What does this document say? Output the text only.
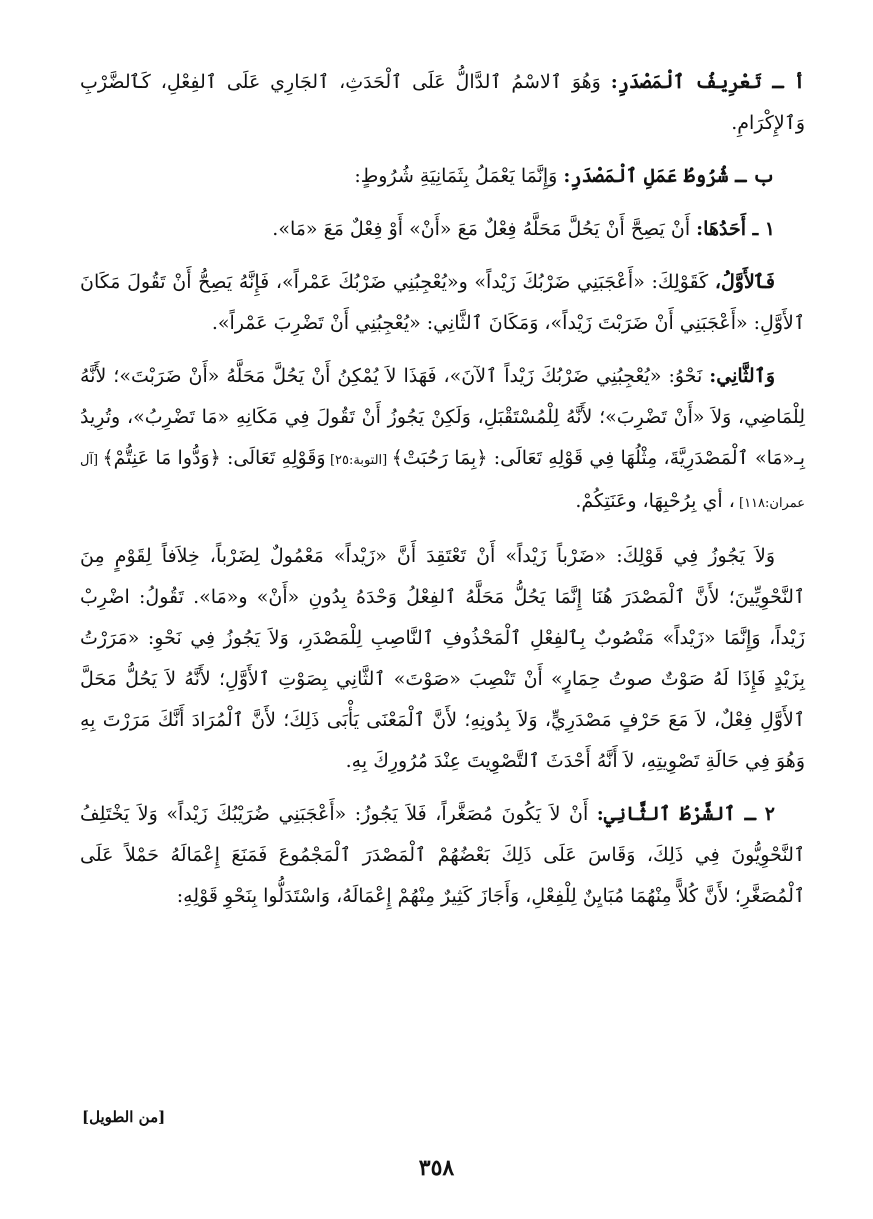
أ ـ تَعْرِيفُ ٱلْمَصْدَرِ: وَهُوَ ٱلاسْمُ ٱلدَّالُّ عَلَى ٱلْحَدَثِ، ٱلجَارِي عَلَى ٱلفِعْلِ، كَٱلضَّرْبِ وَٱلإِكْرَامِ.

ب ـ شُرُوطُ عَمَلِ ٱلْمَصْدَرِ: وَإِنَّمَا يَعْمَلُ بِثَمَانِيَةِ شُرُوطٍ:

١ ـ أَحَدُهَا: أَنْ يَصِحَّ أَنْ يَحُلَّ مَحَلَّهُ فِعْلٌ مَعَ «أَنْ» أَوْ فِعْلٌ مَعَ «مَا».

فَٱلأَوَّلُ، كَقَوْلِكَ: «أَعْجَبَنِي ضَرْبُكَ زَيْداً» و«يُعْجِبُنِي ضَرْبُكَ عَمْراً»، فَإِنَّهُ يَصِحُّ أَنْ تَقُولَ مَكَانَ ٱلأَوَّلِ: «أَعْجَبَنِي أَنْ ضَرَبْتَ زَيْداً»، وَمَكَانَ ٱلثَّانِي: «يُعْجِبُنِي أَنْ تَضْرِبَ عَمْراً».

وَٱلثَّانِي: نَحْوُ: «يُعْجِبُنِي ضَرْبُكَ زَيْداً ٱلآنَ»، فَهَذَا لاَ يُمْكِنُ أَنْ يَحُلَّ مَحَلَّهُ «أَنْ ضَرَبْتَ»؛ لأَنَّهُ لِلْمَاضِي، وَلاَ «أَنْ تَضْرِبَ»؛ لأَنَّهُ لِلْمُسْتَقْبَلِ، وَلَكِنْ يَجُوزُ أَنْ تَقُولَ فِي مَكَانِهِ «مَا تَضْرِبُ»، وتُرِيدُ بِـ«مَا» ٱلْمَصْدَرِيَّةَ، مِثْلُهَا فِي قَوْلِهِ تَعَالَى: ﴿بِمَا رَحُبَتْ﴾ [التوبة:٢٥] وَقَوْلِهِ تَعَالَى: ﴿وَدُّوا مَا عَنِتُّمْ﴾ [آل عمران:١١٨] ، أي بِرُحْبِهَا، وعَنَتِكُمْ.

وَلاَ يَجُوزُ فِي قَوْلِكَ: «ضَرْباً زَيْداً» أَنْ تَعْتَقِدَ أَنَّ «زَيْداً» مَعْمُولٌ لِضَرْباً، خِلاَفاً لِقَوْمٍ مِنَ ٱلنَّحْوِيِّينَ؛ لأَنَّ ٱلْمَصْدَرَ هُنَا إِنَّمَا يَحُلُّ مَحَلَّهُ ٱلفِعْلُ وَحْدَهُ بِدُونِ «أَنْ» و«مَا». تَقُولُ: اضْرِبْ زَيْداً، وَإِنَّمَا «زَيْداً» مَنْصُوبٌ بِٱلفِعْلِ ٱلْمَحْذُوفِ ٱلنَّاصِبِ لِلْمَصْدَرِ، وَلاَ يَجُوزُ فِي نَحْوِ: «مَرَرْتُ بِزَيْدٍ فَإِذَا لَهُ صَوْتٌ صوتُ حِمَارٍ» أَنْ تَنْصِبَ «صَوْتَ» ٱلثَّانِي بِصَوْتِ ٱلأَوَّلِ؛ لأَنَّهُ لاَ يَحُلُّ مَحَلَّ ٱلأَوَّلِ فِعْلٌ، لاَ مَعَ حَرْفٍ مَصْدَرِيٍّ، وَلاَ بِدُونِهِ؛ لأَنَّ ٱلْمَعْنَى يَأْبَى ذَلِكَ؛ لأَنَّ ٱلْمُرَادَ أَنَّكَ مَرَرْتَ بِهِ وَهُوَ فِي حَالَةِ تَصْوِيتِهِ، لاَ أَنَّهُ أَحْدَثَ ٱلتَّصْوِيتَ عِنْدَ مُرُورِكَ بِهِ.

٢ ـ ٱلشَّرْطُ ٱلثَّانِي: أَنْ لاَ يَكُونَ مُصَغَّراً، فَلاَ يَجُوزُ: «أَعْجَبَنِي ضُرَيْبُكَ زَيْداً» وَلاَ يَخْتَلِفُ ٱلنَّحْوِيُّونَ فِي ذَلِكَ، وَقَاسَ عَلَى ذَلِكَ بَعْضُهُمْ ٱلْمَصْدَرَ ٱلْمَجْمُوعَ فَمَنَعَ إِعْمَالَهُ حَمْلاً عَلَى ٱلْمُصَغَّرِ؛ لأَنَّ كُلاًّ مِنْهُمَا مُبَايِنٌ لِلْفِعْلِ، وَأَجَازَ كَثِيرٌ مِنْهُمْ إِعْمَالَهُ، وَاسْتَدَلُّوا بِنَحْوِ قَوْلِهِ:

[من الطويل]
٣٥٨
